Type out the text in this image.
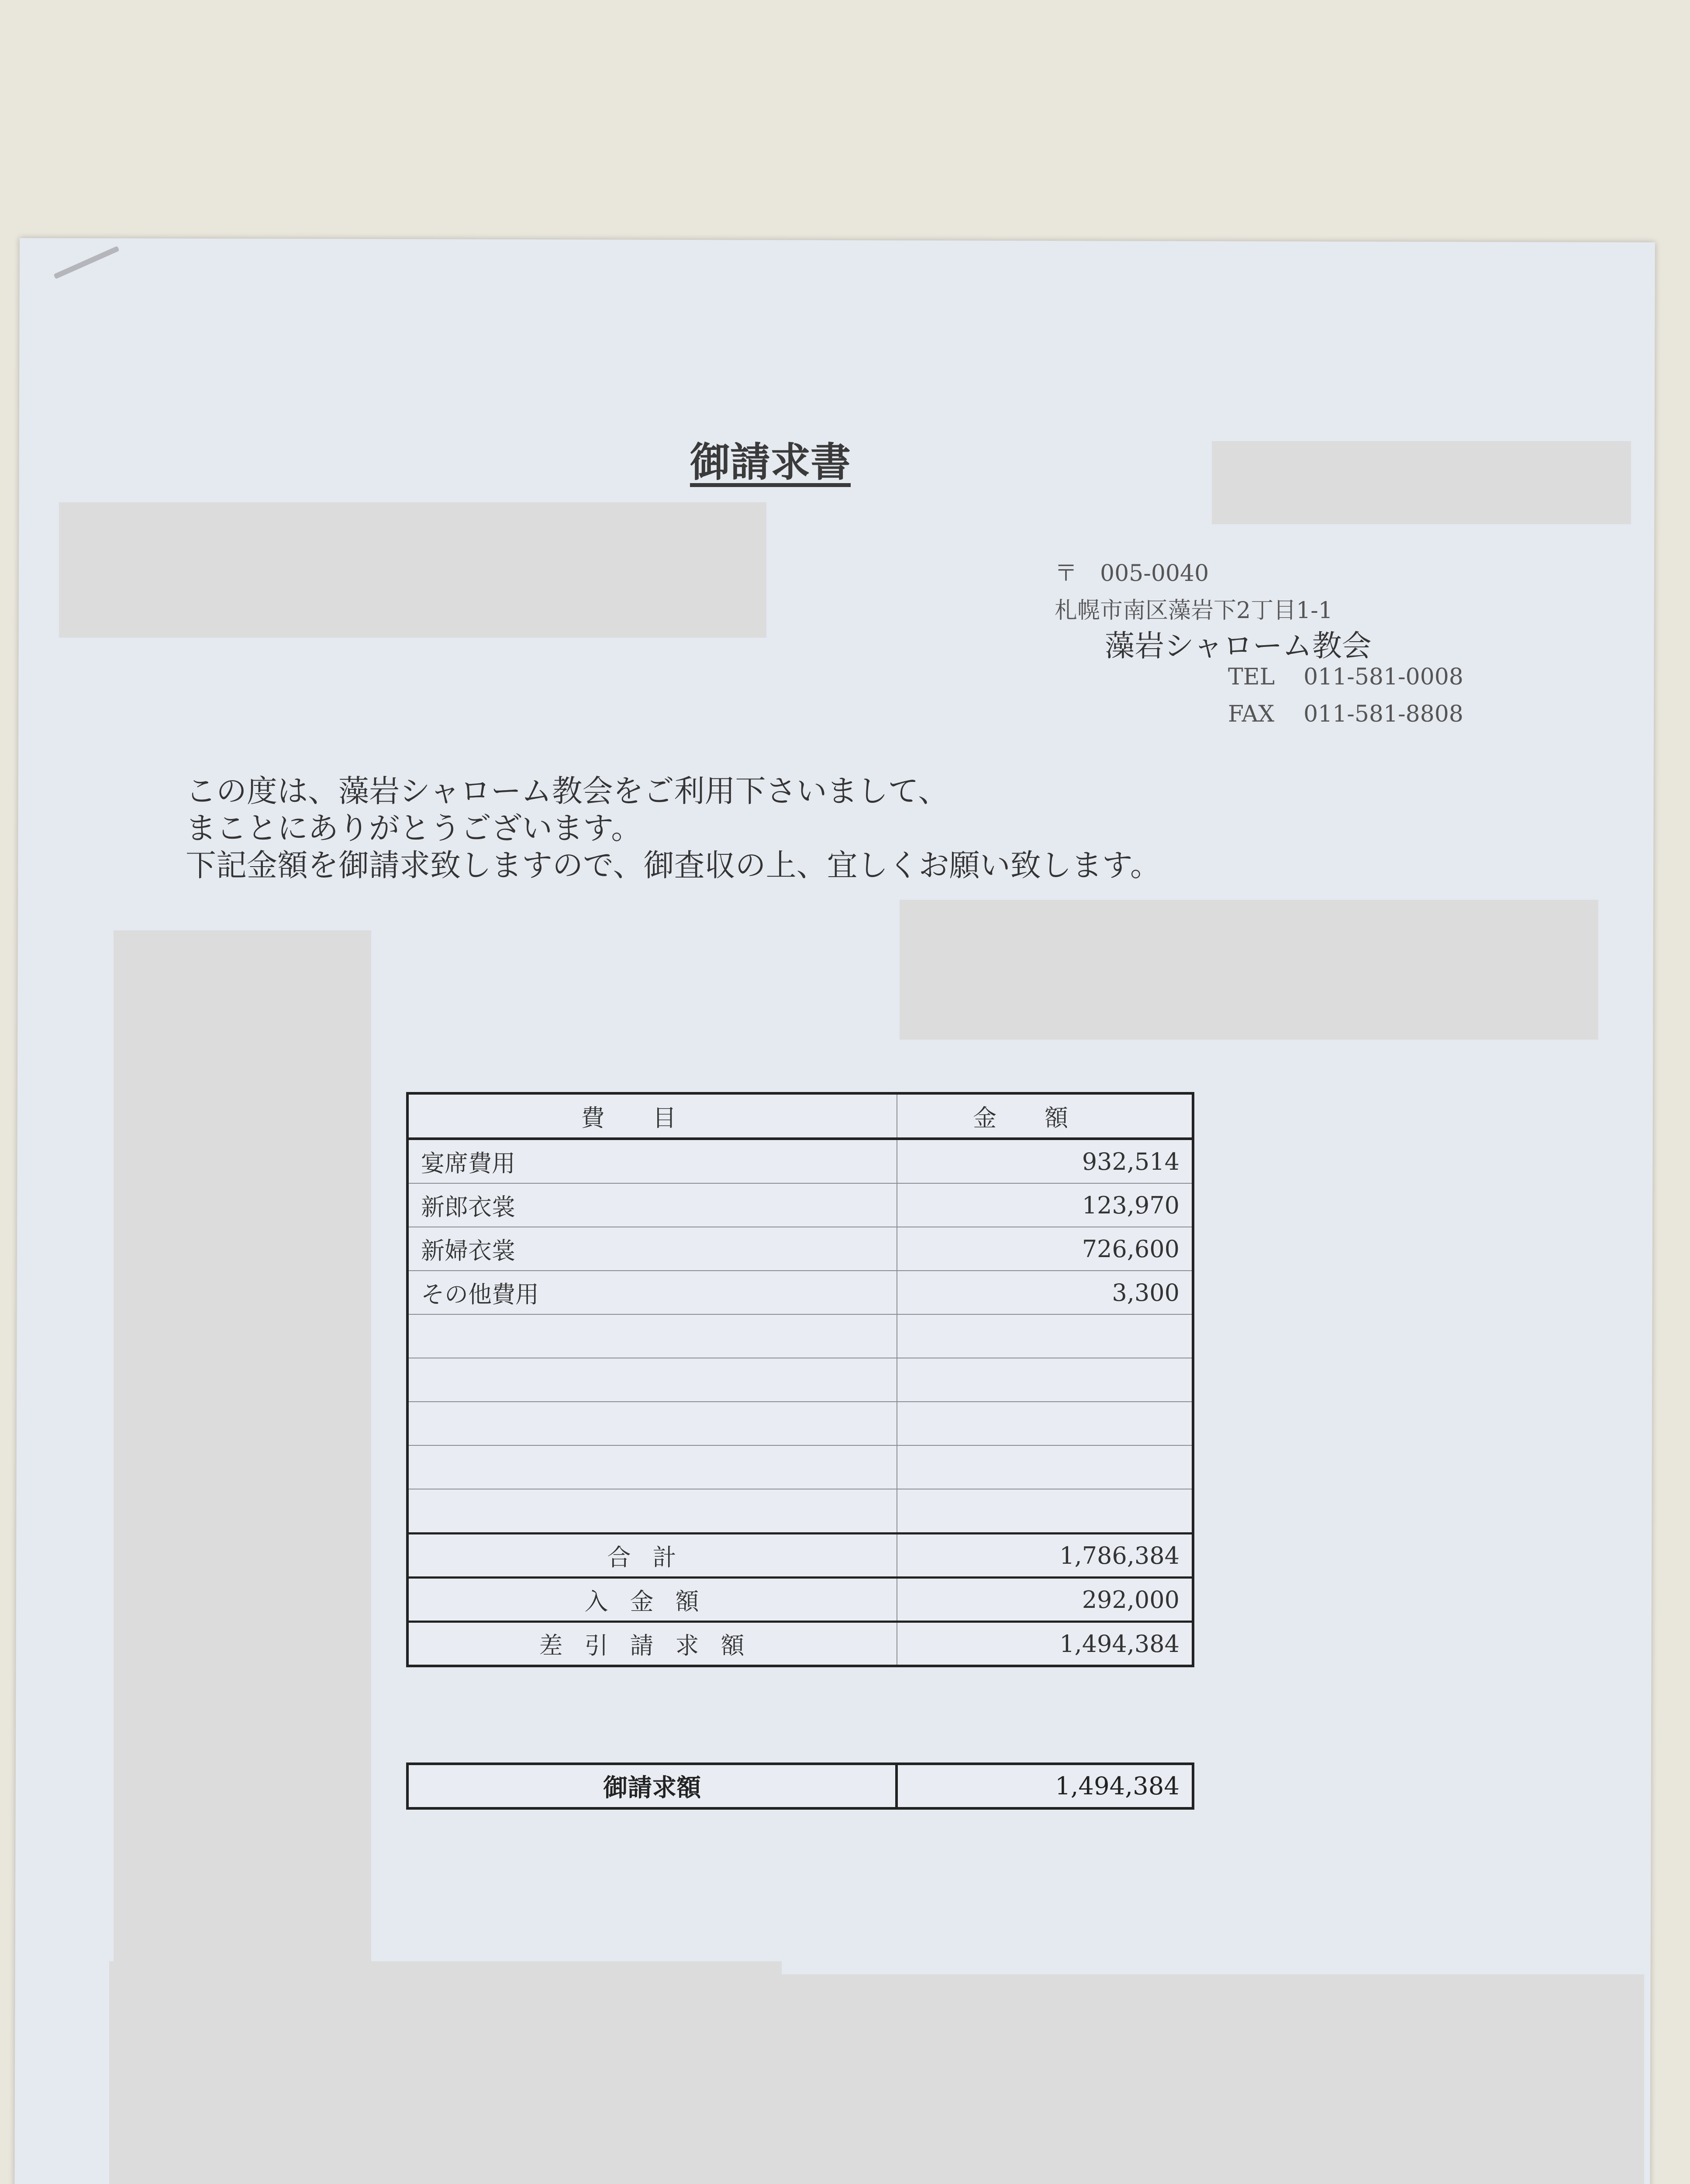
御請求書
〒　005-0040
札幌市南区藻岩下2丁目1-1
藻岩シャローム教会
TEL 011-581-0008
FAX 011-581-8808
この度は、藻岩シャローム教会をご利用下さいまして、
まことにありがとうございます。
下記金額を御請求致しますので、御査収の上、宜しくお願い致します。
費目	金額
宴席費用	932,514
新郎衣裳	123,970
新婦衣裳	726,600
その他費用	3,300

合計	1,786,384
入金額	292,000
差引請求額	1,494,384
御請求額	1,494,384
